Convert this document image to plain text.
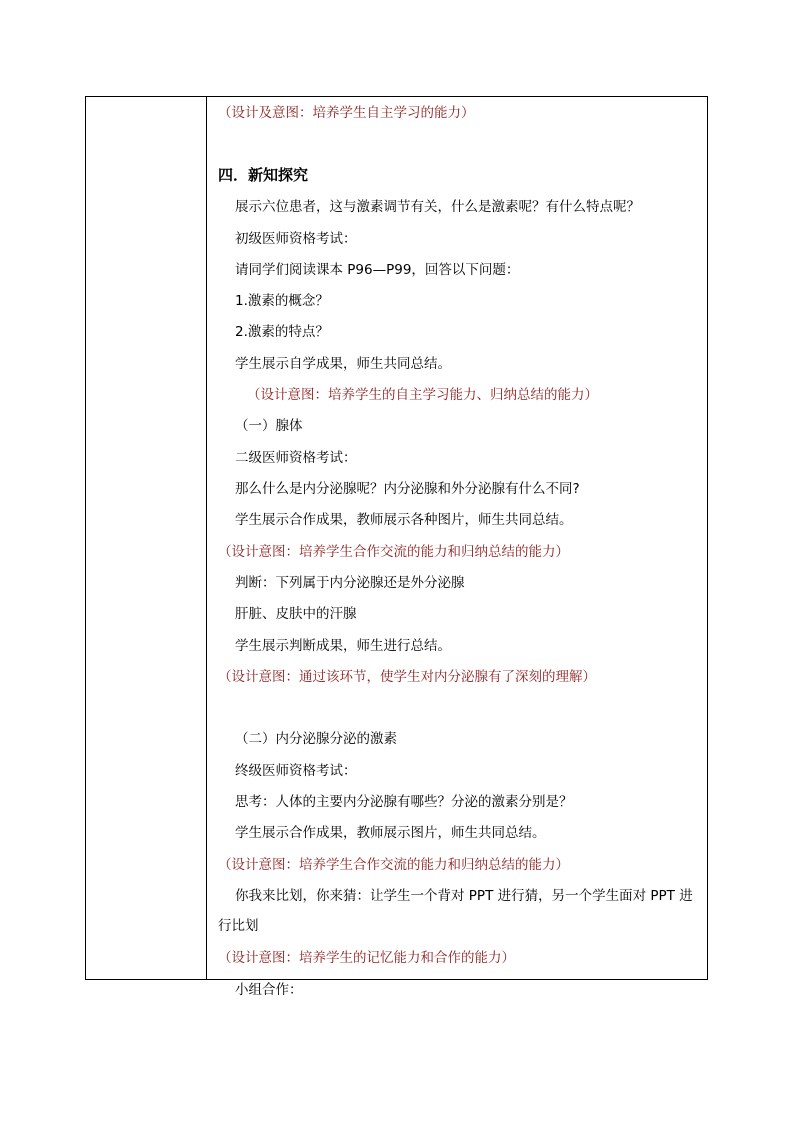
（设计及意图：培养学生自主学习的能力）
四．新知探究
展示六位患者，这与激素调节有关，什么是激素呢？有什么特点呢？
初级医师资格考试：
请同学们阅读课本 P96—P99，回答以下问题：
1.激素的概念？
2.激素的特点？
学生展示自学成果，师生共同总结。
（设计意图：培养学生的自主学习能力、归纳总结的能力）
（一）腺体
二级医师资格考试：
那么什么是内分泌腺呢？内分泌腺和外分泌腺有什么不同?
学生展示合作成果，教师展示各种图片，师生共同总结。
（设计意图：培养学生合作交流的能力和归纳总结的能力）
判断：下列属于内分泌腺还是外分泌腺
肝脏、皮肤中的汗腺
学生展示判断成果，师生进行总结。
（设计意图：通过该环节，使学生对内分泌腺有了深刻的理解）
（二）内分泌腺分泌的激素
终级医师资格考试：
思考：人体的主要内分泌腺有哪些？分泌的激素分别是？
学生展示合作成果，教师展示图片，师生共同总结。
（设计意图：培养学生合作交流的能力和归纳总结的能力）
你我来比划，你来猜：让学生一个背对 PPT 进行猜，另一个学生面对 PPT 进行比划
（设计意图：培养学生的记忆能力和合作的能力）
小组合作：
